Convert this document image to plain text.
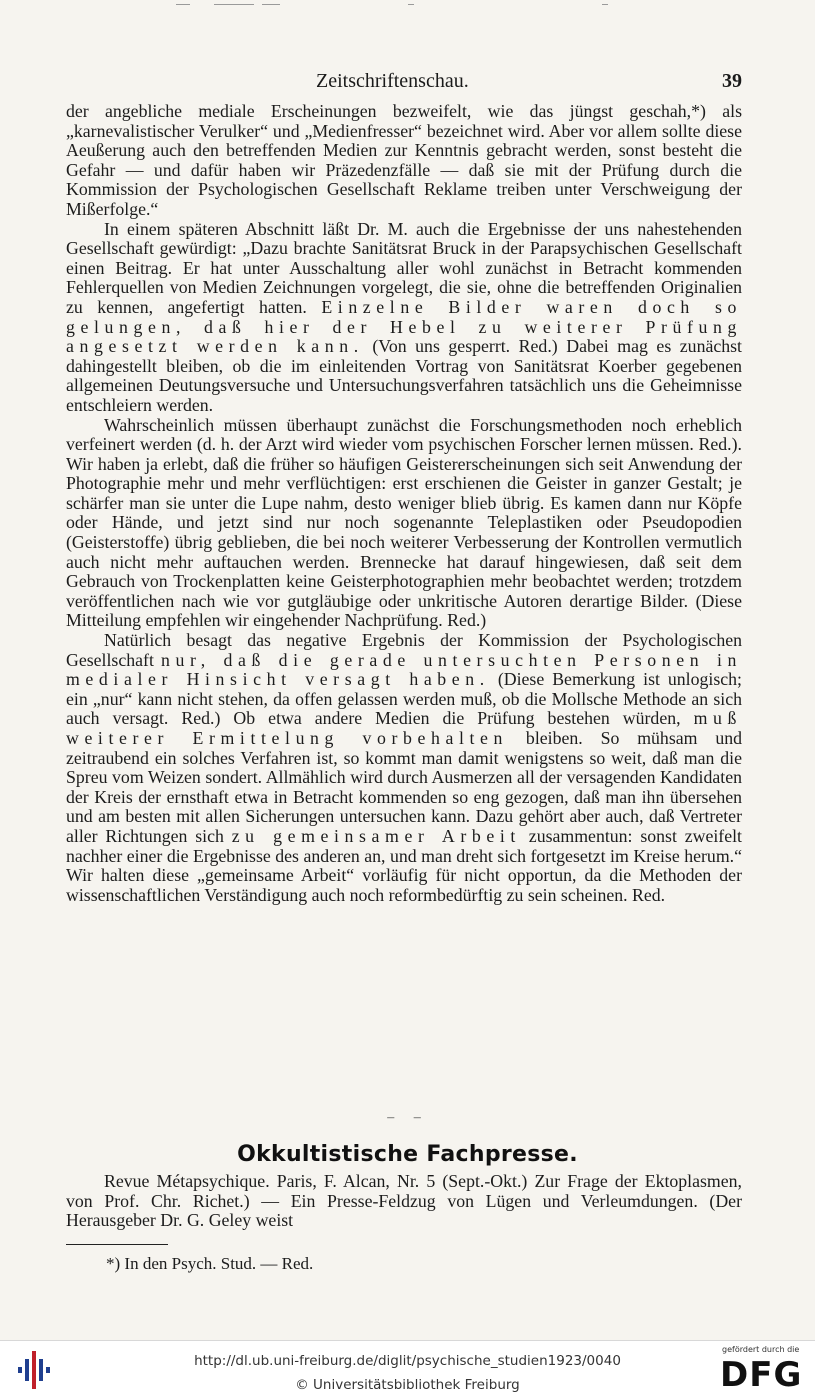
Zeitschriftenschau.	39

der angebliche mediale Erscheinungen bezweifelt, wie das jüngst geschah,*) als „karnevalistischer Verulker“ und „Medienfresser“ bezeichnet wird. Aber vor allem sollte diese Aeußerung auch den betreffenden Medien zur Kenntnis gebracht werden, sonst besteht die Gefahr — und dafür haben wir Präzedenzfälle — daß sie mit der Prüfung durch die Kommission der Psychologischen Gesellschaft Reklame treiben unter Verschweigung der Mißerfolge.“

In einem späteren Abschnitt läßt Dr. M. auch die Ergebnisse der uns nahestehenden Gesellschaft gewürdigt: „Dazu brachte Sanitätsrat Bruck in der Parapsychischen Gesellschaft einen Beitrag. Er hat unter Ausschaltung aller wohl zunächst in Betracht kommenden Fehlerquellen von Medien Zeichnungen vorgelegt, die sie, ohne die betreffenden Originalien zu kennen, angefertigt hatten. Einzelne Bilder waren doch so gelungen, daß hier der Hebel zu weiterer Prüfung angesetzt werden kann. (Von uns gesperrt. Red.) Dabei mag es zunächst dahingestellt bleiben, ob die im einleitenden Vortrag von Sanitätsrat Koerber gegebenen allgemeinen Deutungsversuche und Untersuchungsverfahren tatsächlich uns die Geheimnisse entschleiern werden.

Wahrscheinlich müssen überhaupt zunächst die Forschungsmethoden noch erheblich verfeinert werden (d. h. der Arzt wird wieder vom psychischen Forscher lernen müssen. Red.). Wir haben ja erlebt, daß die früher so häufigen Geistererscheinungen sich seit Anwendung der Photographie mehr und mehr verflüchtigen: erst erschienen die Geister in ganzer Gestalt; je schärfer man sie unter die Lupe nahm, desto weniger blieb übrig. Es kamen dann nur Köpfe oder Hände, und jetzt sind nur noch sogenannte Teleplastiken oder Pseudopodien (Geisterstoffe) übrig geblieben, die bei noch weiterer Verbesserung der Kontrollen vermutlich auch nicht mehr auftauchen werden. Brennecke hat darauf hingewiesen, daß seit dem Gebrauch von Trockenplatten keine Geisterphotographien mehr beobachtet werden; trotzdem veröffentlichen nach wie vor gutgläubige oder unkritische Autoren derartige Bilder. (Diese Mitteilung empfehlen wir eingehender Nachprüfung. Red.)

Natürlich besagt das negative Ergebnis der Kommission der Psychologischen Gesellschaft nur, daß die gerade untersuchten Personen in medialer Hinsicht versagt haben. (Diese Bemerkung ist unlogisch; ein „nur“ kann nicht stehen, da offen gelassen werden muß, ob die Mollsche Methode an sich auch versagt. Red.) Ob etwa andere Medien die Prüfung bestehen würden, muß weiterer Ermittelung vorbehalten bleiben. So mühsam und zeitraubend ein solches Verfahren ist, so kommt man damit wenigstens so weit, daß man die Spreu vom Weizen sondert. Allmählich wird durch Ausmerzen all der versagenden Kandidaten der Kreis der ernsthaft etwa in Betracht kommenden so eng gezogen, daß man ihn übersehen und am besten mit allen Sicherungen untersuchen kann. Dazu gehört aber auch, daß Vertreter aller Richtungen sich zu gemeinsamer Arbeit zusammentun: sonst zweifelt nachher einer die Ergebnisse des anderen an, und man dreht sich fortgesetzt im Kreise herum.“ Wir halten diese „gemeinsame Arbeit“ vorläufig für nicht opportun, da die Methoden der wissenschaftlichen Verständigung auch noch reformbedürftig zu sein scheinen. Red.

– –
Okkultistische Fachpresse.

Revue Métapsychique. Paris, F. Alcan, Nr. 5 (Sept.-Okt.) Zur Frage der Ektoplasmen, von Prof. Chr. Richet.) — Ein Presse-Feldzug von Lügen und Verleumdungen. (Der Herausgeber Dr. G. Geley weist

*) In den Psych. Stud. — Red.
http://dl.ub.uni-freiburg.de/diglit/psychische_studien1923/0040
© Universitätsbibliothek Freiburg
gefördert durch die
DFG
